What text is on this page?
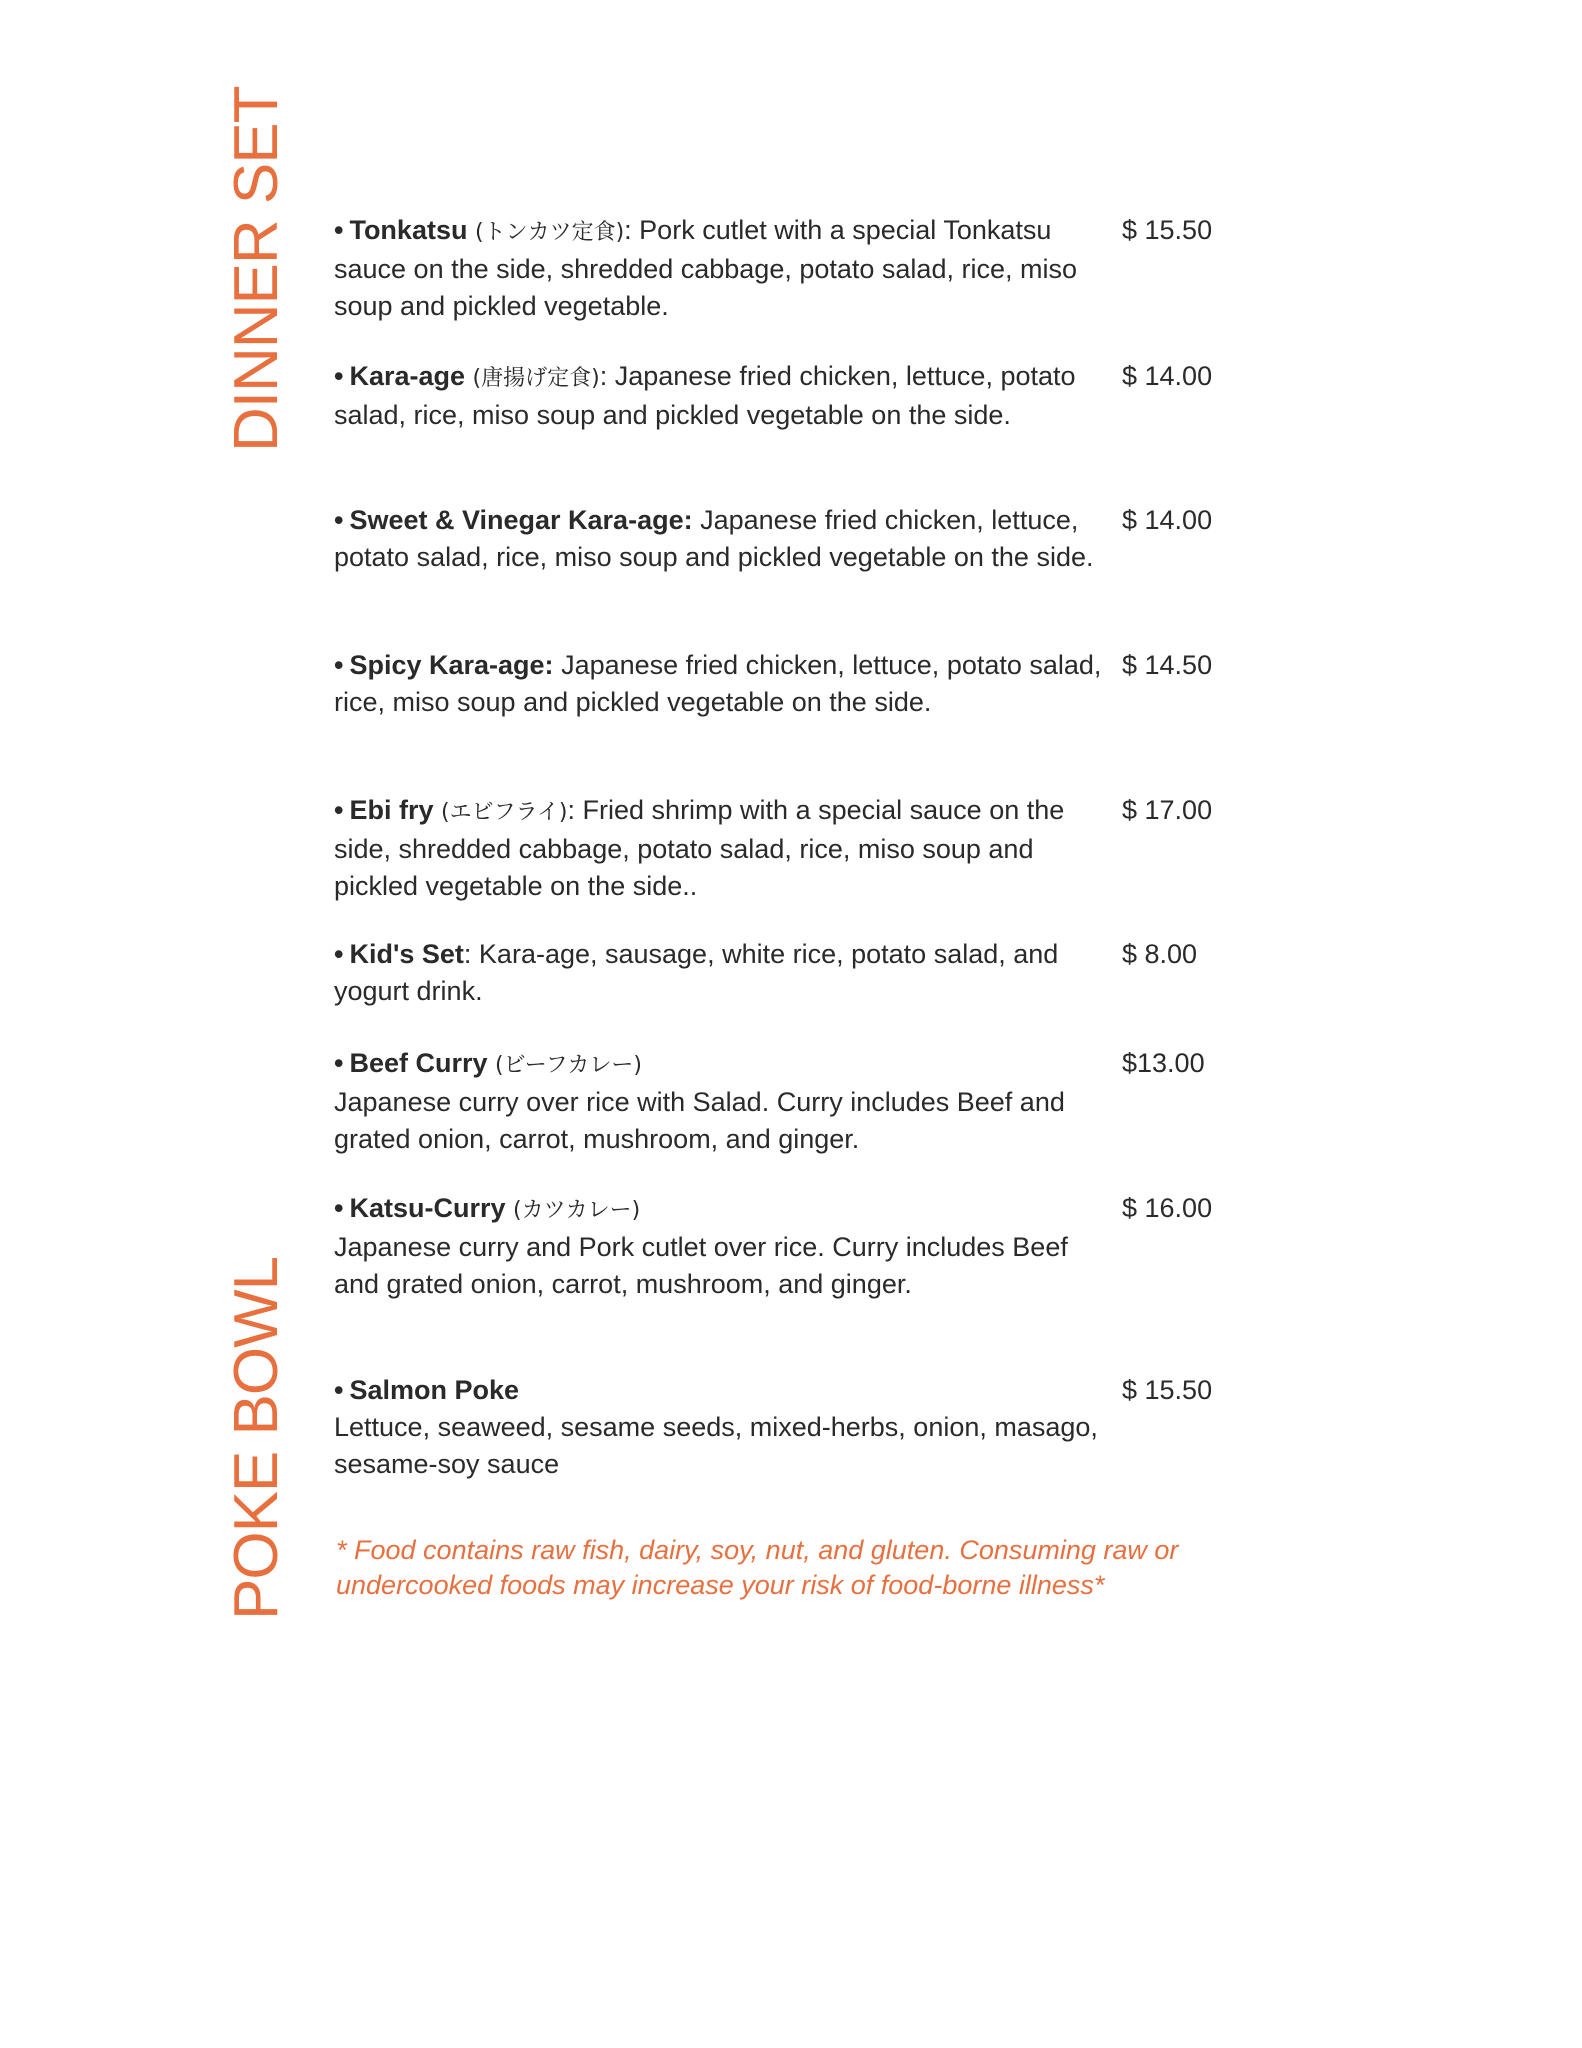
DINNER SET
POKE BOWL
• Tonkatsu (トンカツ定食): Pork cutlet with a special Tonkatsu sauce on the side, shredded cabbage, potato salad, rice, miso soup and pickled vegetable.
$ 15.50
• Kara-age (唐揚げ定食): Japanese fried chicken, lettuce, potato salad, rice, miso soup and pickled vegetable on the side.
$ 14.00
• Sweet & Vinegar Kara-age: Japanese fried chicken, lettuce, potato salad, rice, miso soup and pickled vegetable on the side.
$ 14.00
• Spicy Kara-age: Japanese fried chicken, lettuce, potato salad, rice, miso soup and pickled vegetable on the side.
$ 14.50
• Ebi fry (エビフライ): Fried shrimp with a special sauce on the side, shredded cabbage, potato salad, rice, miso soup and pickled vegetable on the side..
$ 17.00
• Kid's Set: Kara-age, sausage, white rice, potato salad, and yogurt drink.
$ 8.00
• Beef Curry (ビーフカレー)
Japanese curry over rice with Salad. Curry includes Beef and grated onion, carrot, mushroom, and ginger.
$13.00
• Katsu-Curry (カツカレー)
Japanese curry and Pork cutlet over rice. Curry includes Beef and grated onion, carrot, mushroom, and ginger.
$ 16.00
• Salmon Poke
Lettuce, seaweed, sesame seeds, mixed-herbs, onion, masago, sesame-soy sauce
$ 15.50
* Food contains raw fish, dairy, soy, nut, and gluten. Consuming raw or undercooked foods may increase your risk of food-borne illness*
